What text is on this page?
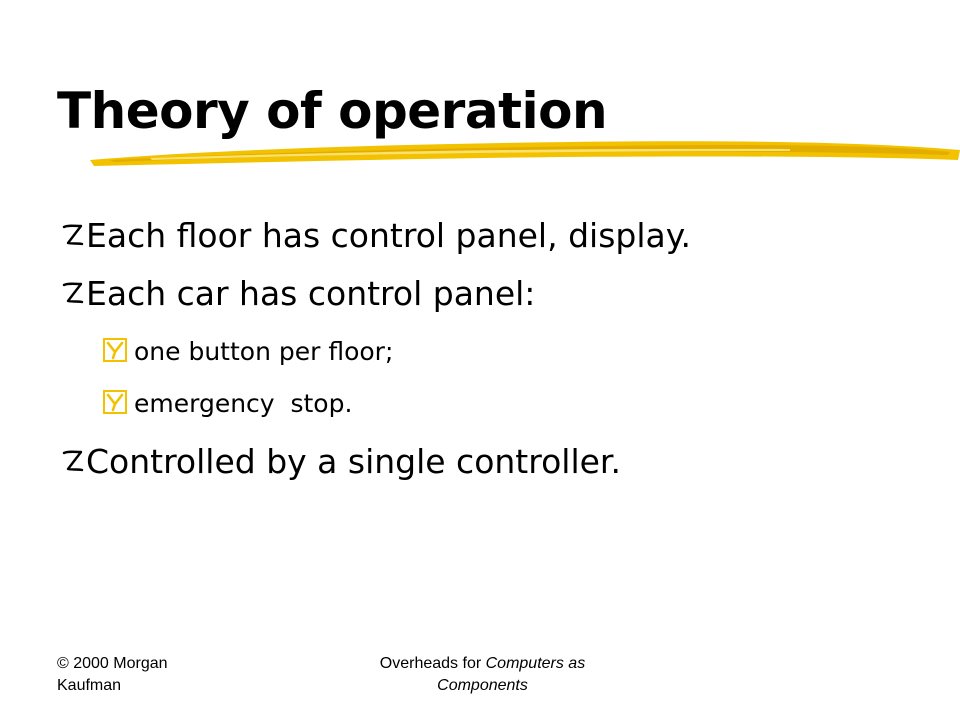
Theory of operation
Each floor has control panel, display.
Each car has control panel:
one button per floor;
emergency  stop.
Controlled by a single controller.
© 2000 Morgan
Kaufman
Overheads for Computers as
Components
